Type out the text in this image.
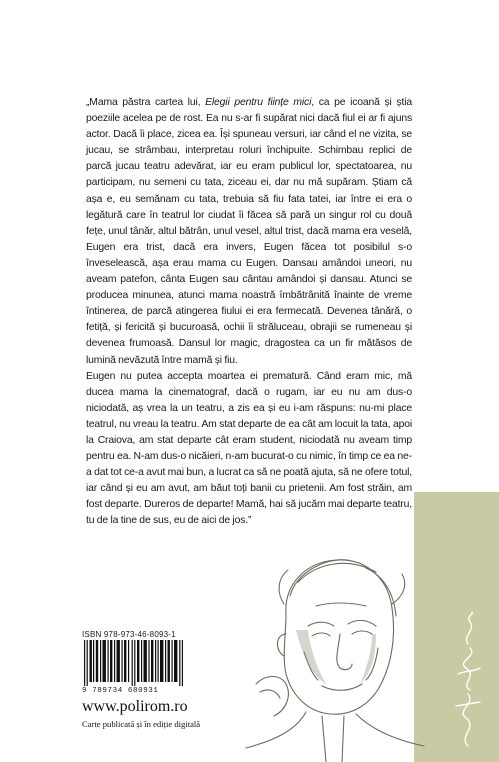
„Mama păstra cartea lui, Elegii pentru ființe mici, ca pe icoană și știa poeziile acelea pe de rost. Ea nu s-ar fi supărat nici dacă fiul ei ar fi ajuns actor. Dacă îi place, zicea ea. Își spuneau versuri, iar când el ne vizita, se jucau, se strâmbau, interpretau roluri închipuite. Schimbau replici de parcă jucau teatru adevărat, iar eu eram publicul lor, spectatoarea, nu participam, nu semeni cu tata, ziceau ei, dar nu mă supăram. Știam că așa e, eu semănam cu tata, trebuia să fiu fata tatei, iar între ei era o legătură care în teatrul lor ciudat îi făcea să pară un singur rol cu două fețe, unul tânăr, altul bătrân, unul vesel, altul trist, dacă mama era veselă, Eugen era trist, dacă era invers, Eugen făcea tot posibilul s-o înveselească, așa erau mama cu Eugen. Dansau amândoi uneori, nu aveam patefon, cânta Eugen sau cântau amândoi și dansau. Atunci se producea minunea, atunci mama noastră îmbătrânită înainte de vreme întinerea, de parcă atingerea fiului ei era fermecată. Devenea tânără, o fetiță, și fericită și bucuroasă, ochii îi străluceau, obrajii se rumeneau și devenea frumoasă. Dansul lor magic, dragostea ca un fir mătăsos de lumină nevăzută între mamă și fiu.

Eugen nu putea accepta moartea ei prematură. Când eram mic, mă ducea mama la cinematograf, dacă o rugam, iar eu nu am dus-o niciodată, aș vrea la un teatru, a zis ea și eu i-am răspuns: nu-mi place teatrul, nu vreau la teatru. Am stat departe de ea cât am locuit la tata, apoi la Craiova, am stat departe cât eram student, niciodată nu aveam timp pentru ea. N-am dus-o nicăieri, n-am bucurat-o cu nimic, în timp ce ea ne-a dat tot ce-a avut mai bun, a lucrat ca să ne poată ajuta, să ne ofere totul, iar când și eu am avut, am băut toți banii cu prietenii. Am fost străin, am fost departe. Dureros de departe! Mamă, hai să jucăm mai departe teatru, tu de la tine de sus, eu de aici de jos.”

ISBN 978-973-46-8093-1
9 789734 680931
www.polirom.ro
Carte publicată și în ediție digitală
